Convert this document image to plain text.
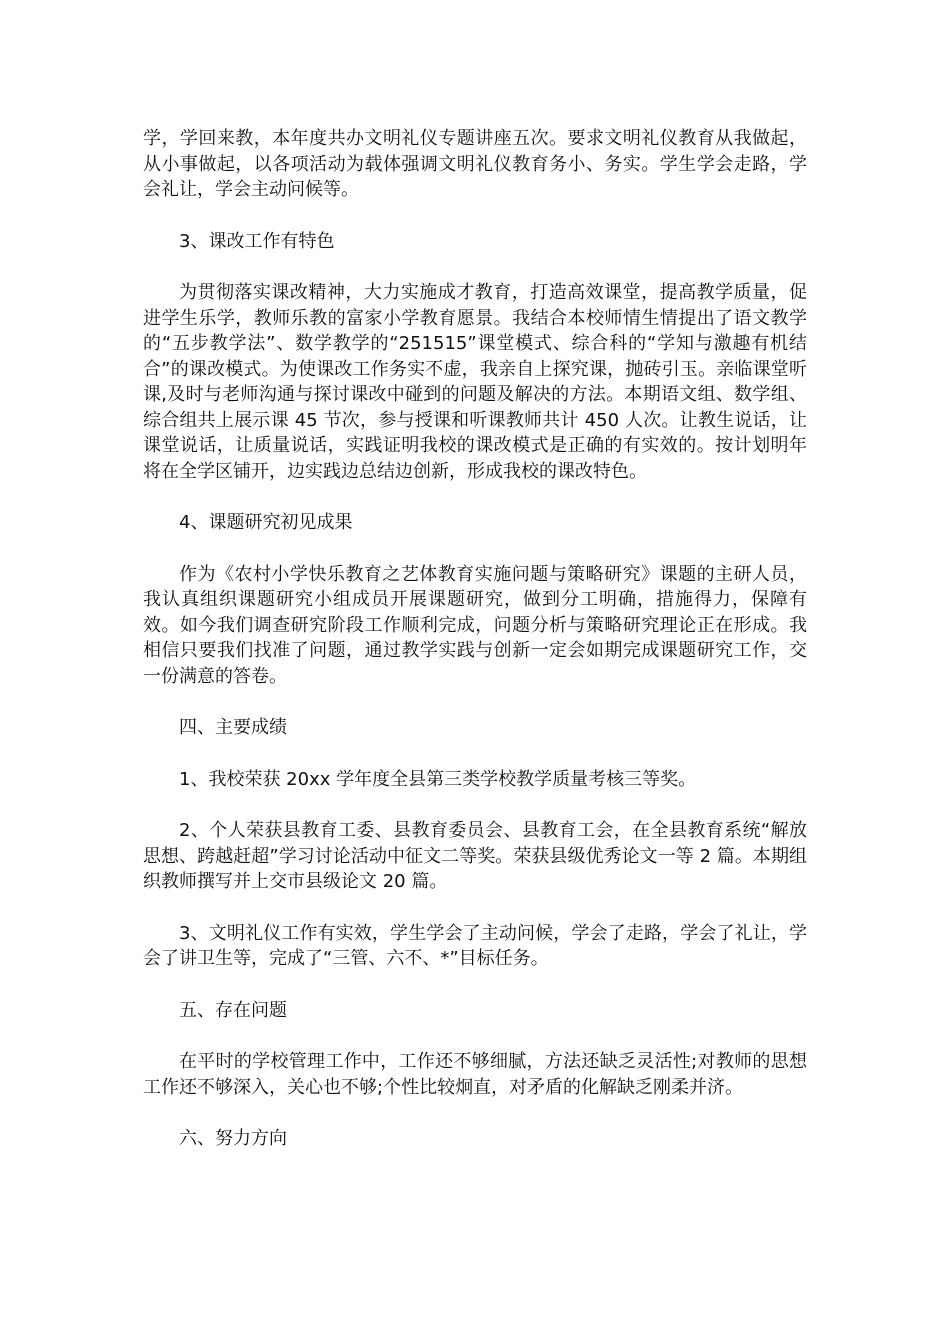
学，学回来教，本年度共办文明礼仪专题讲座五次。要求文明礼仪教育从我做起，从小事做起，以各项活动为载体强调文明礼仪教育务小、务实。学生学会走路，学会礼让，学会主动问候等。

3、课改工作有特色

为贯彻落实课改精神，大力实施成才教育，打造高效课堂，提高教学质量，促进学生乐学，教师乐教的富家小学教育愿景。我结合本校师情生情提出了语文教学的“五步教学法”、数学教学的“251515”课堂模式、综合科的“学知与激趣有机结合”的课改模式。为使课改工作务实不虚，我亲自上探究课，抛砖引玉。亲临课堂听课,及时与老师沟通与探讨课改中碰到的问题及解决的方法。本期语文组、数学组、综合组共上展示课 45 节次，参与授课和听课教师共计 450 人次。让教生说话，让课堂说话，让质量说话，实践证明我校的课改模式是正确的有实效的。按计划明年将在全学区铺开，边实践边总结边创新，形成我校的课改特色。

4、课题研究初见成果

作为《农村小学快乐教育之艺体教育实施问题与策略研究》课题的主研人员，我认真组织课题研究小组成员开展课题研究，做到分工明确，措施得力，保障有效。如今我们调查研究阶段工作顺利完成，问题分析与策略研究理论正在形成。我相信只要我们找准了问题，通过教学实践与创新一定会如期完成课题研究工作，交一份满意的答卷。

四、主要成绩

1、我校荣获 20xx 学年度全县第三类学校教学质量考核三等奖。

2、个人荣获县教育工委、县教育委员会、县教育工会，在全县教育系统“解放思想、跨越赶超”学习讨论活动中征文二等奖。荣获县级优秀论文一等 2 篇。本期组织教师撰写并上交市县级论文 20 篇。

3、文明礼仪工作有实效，学生学会了主动问候，学会了走路，学会了礼让，学会了讲卫生等，完成了“三管、六不、*”目标任务。

五、存在问题

在平时的学校管理工作中，工作还不够细腻，方法还缺乏灵活性;对教师的思想工作还不够深入，关心也不够;个性比较炯直，对矛盾的化解缺乏刚柔并济。

六、努力方向
